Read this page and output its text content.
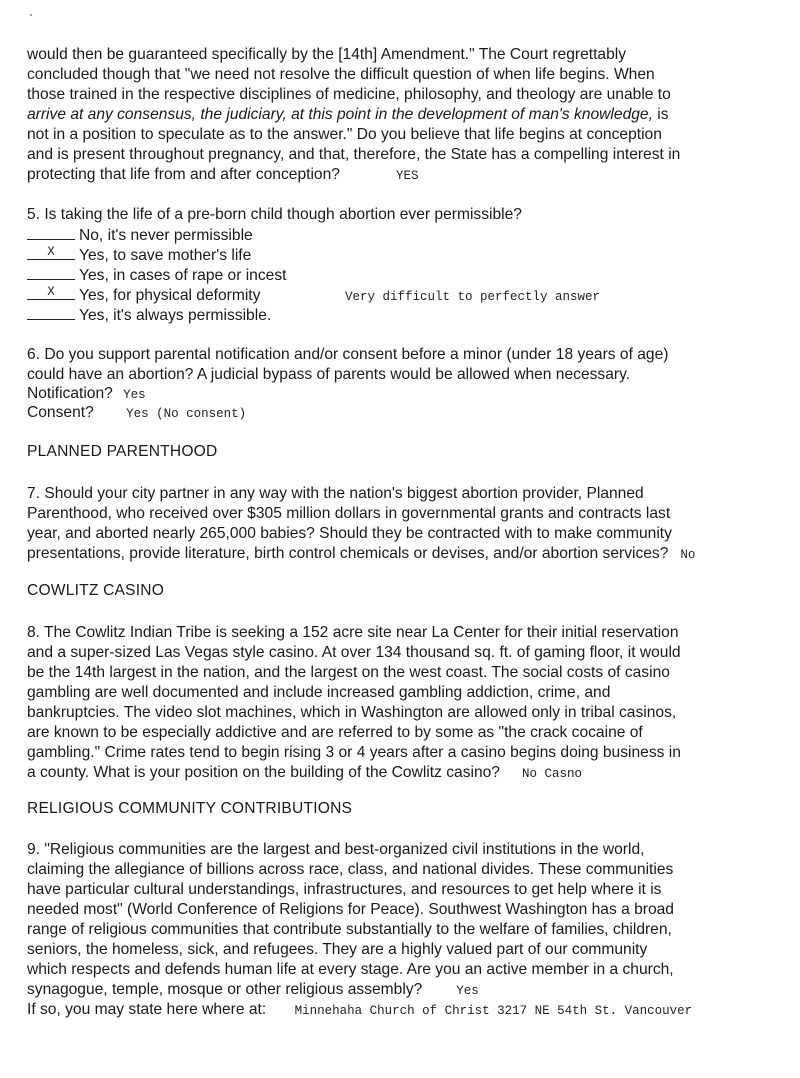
would then be guaranteed specifically by the [14th] Amendment." The Court regrettably

concluded though that "we need not resolve the difficult question of when life begins. When

those trained in the respective disciplines of medicine, philosophy, and theology are unable to

arrive at any consensus, the judiciary, at this point in the development of man's knowledge, is

not in a position to speculate as to the answer." Do you believe that life begins at conception

and is present throughout pregnancy, and that, therefore, the State has a compelling interest in

protecting that life from and after conception?	YES

5. Is taking the life of a pre-born child though abortion ever permissible?

No, it's never permissible
X	Yes, to save mother's life
Yes, in cases of rape or incest
X	Yes, for physical deformity
Yes, it's always permissible.
Very difficult to perfectly answer

6. Do you support parental notification and/or consent before a minor (under 18 years of age)

could have an abortion? A judicial bypass of parents would be allowed when necessary.

Notification? Yes
Consent?	Yes (No consent)
PLANNED PARENTHOOD

7. Should your city partner in any way with the nation's biggest abortion provider, Planned

Parenthood, who received over $305 million dollars in governmental grants and contracts last

year, and aborted nearly 265,000 babies? Should they be contracted with to make community

presentations, provide literature, birth control chemicals or devises, and/or abortion services? No

COWLITZ CASINO

8. The Cowlitz Indian Tribe is seeking a 152 acre site near La Center for their initial reservation

and a super-sized Las Vegas style casino. At over 134 thousand sq. ft. of gaming floor, it would

be the 14th largest in the nation, and the largest on the west coast. The social costs of casino

gambling are well documented and include increased gambling addiction, crime, and

bankruptcies. The video slot machines, which in Washington are allowed only in tribal casinos,

are known to be especially addictive and are referred to by some as "the crack cocaine of

gambling." Crime rates tend to begin rising 3 or 4 years after a casino begins doing business in

a county. What is your position on the building of the Cowlitz casino? No Casno

RELIGIOUS COMMUNITY CONTRIBUTIONS

9. "Religious communities are the largest and best-organized civil institutions in the world,

claiming the allegiance of billions across race, class, and national divides. These communities

have particular cultural understandings, infrastructures, and resources to get help where it is

needed most" (World Conference of Religions for Peace). Southwest Washington has a broad

range of religious communities that contribute substantially to the welfare of families, children,

seniors, the homeless, sick, and refugees. They are a highly valued part of our community

which respects and defends human life at every stage. Are you an active member in a church,

synagogue, temple, mosque or other religious assembly?	Yes

If so, you may state here where at: Minnehaha Church of Christ 3217 NE 54th St. Vancouver
